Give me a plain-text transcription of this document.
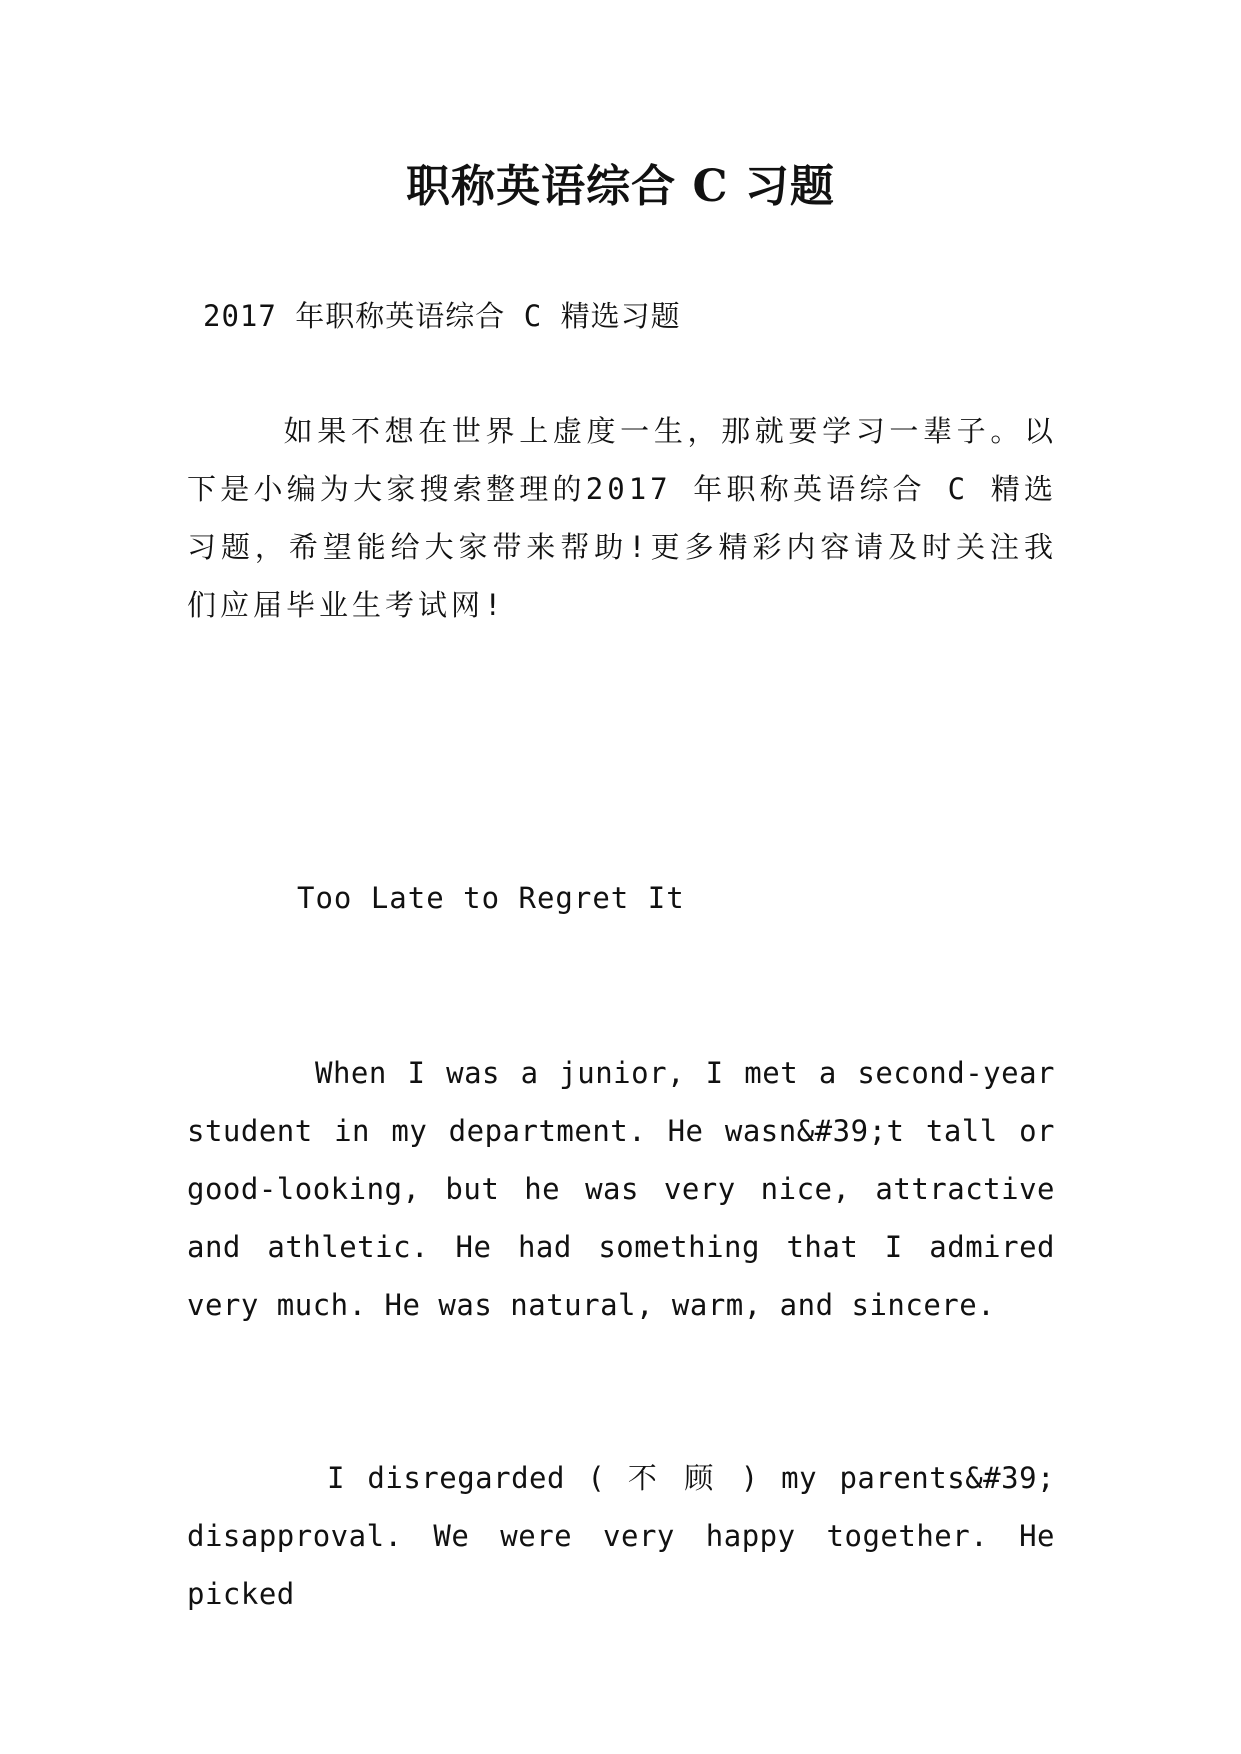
职称英语综合 C 习题

2017 年职称英语综合 C 精选习题

如果不想在世界上虚度一生，那就要学习一辈子。以下是小编为大家搜索整理的2017 年职称英语综合 C 精选习题，希望能给大家带来帮助!更多精彩内容请及时关注我们应届毕业生考试网!

Too Late to Regret It

When I was a junior, I met a second-year student in my department. He wasn&#39;t tall or good-looking, but he was very nice, attractive and athletic. He had something that I admired very much. He was natural, warm, and sincere.

I disregarded ( 不 顾 ) my parents&#39; disapproval. We were very happy together. He picked
